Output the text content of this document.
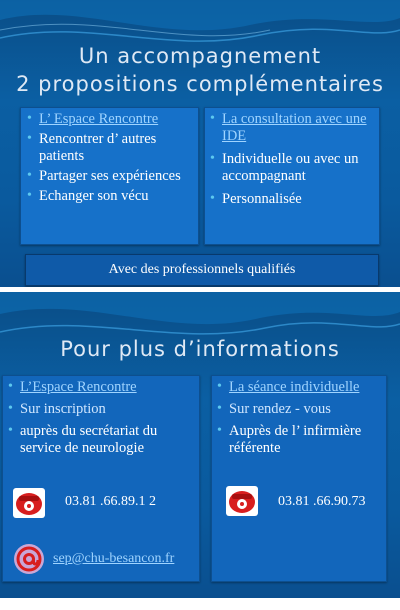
Un accompagnement
2 propositions complémentaires
• L’ Espace Rencontre
• Rencontrer d’ autres patients
• Partager ses expériences
• Echanger son vécu
• La consultation avec une IDE
• Individuelle ou avec un accompagnant
• Personnalisée
Avec des professionnels qualifiés
Pour plus d’informations
• L’Espace Rencontre
• Sur inscription
• auprès du secrétariat du service de neurologie
03.81 .66.89.1 2
sep@chu-besancon.fr
• La séance individuelle
• Sur rendez - vous
• Auprès de l’ infirmière référente
03.81 .66.90.73
